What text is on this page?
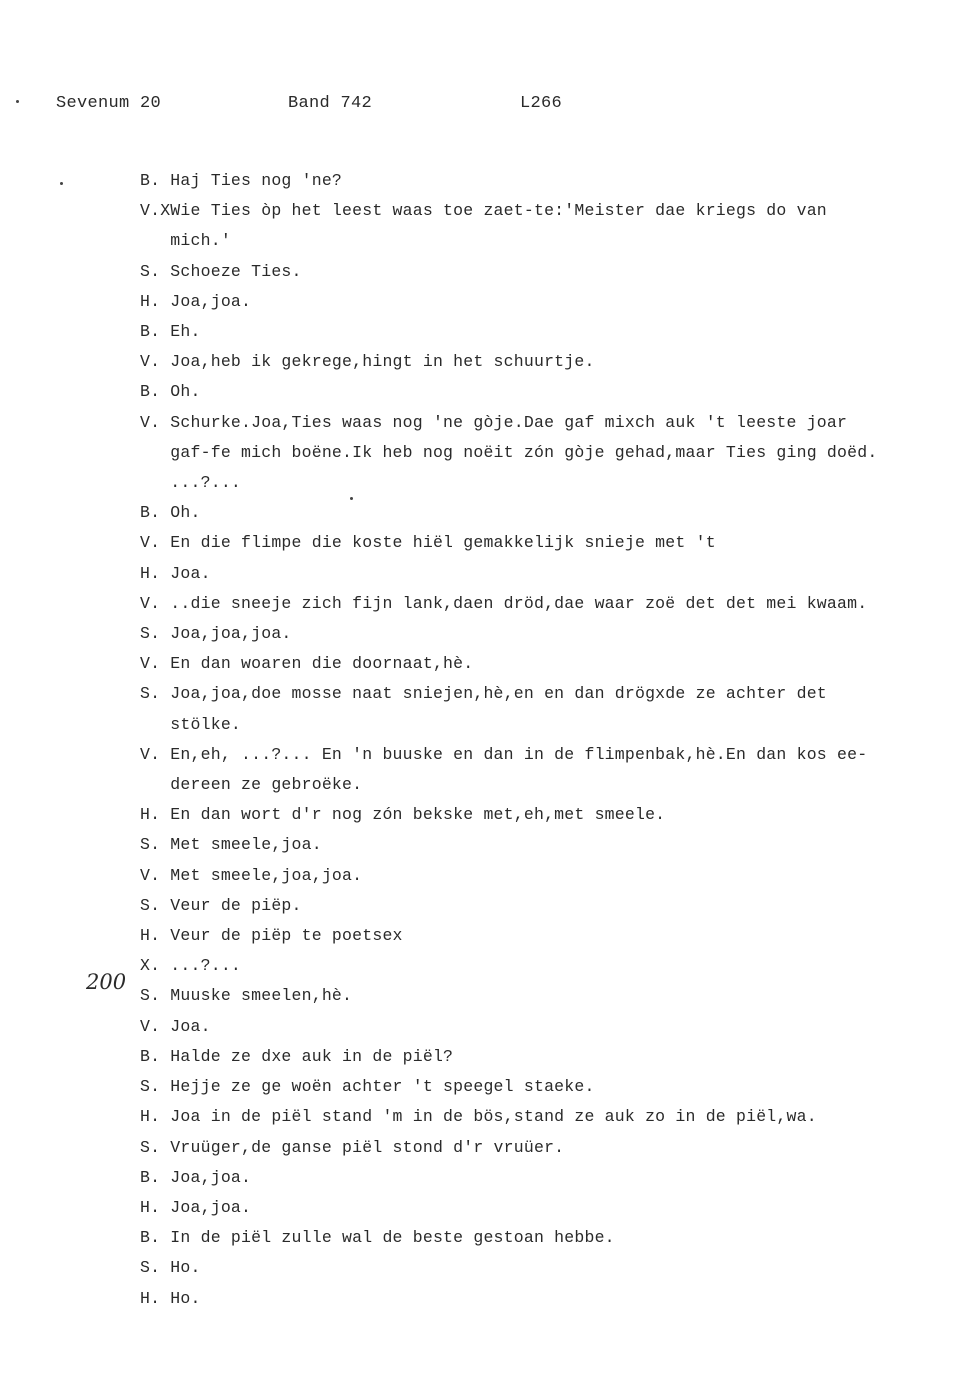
Sevenum 20	Band 742	L266
200
B. Haj Ties nog 'ne?
V.XWie Ties òp het leest waas toe zaet-te:'Meister dae kriegs do van
mich.'
S. Schoeze Ties.
H. Joa,joa.
B. Eh.
V. Joa,heb ik gekrege,hingt in het schuurtje.
B. Oh.
V. Schurke.Joa,Ties waas nog 'ne gòje.Dae gaf mixch auk 't leeste joar
gaf-fe mich boëne.Ik heb nog noëit zón gòje gehad,maar Ties ging doëd.
...?...
B. Oh.
V. En die flimpe die koste hiël gemakkelijk snieje met 't
H. Joa.
V. ..die sneeje zich fijn lank,daen dröd,dae waar zoë det det mei kwaam.
S. Joa,joa,joa.
V. En dan woaren die doornaat,hè.
S. Joa,joa,doe mosse naat sniejen,hè,en en dan drögxde ze achter det
stölke.
V. En,eh, ...?... En 'n buuske en dan in de flimpenbak,hè.En dan kos ee-
dereen ze gebroëke.
H. En dan wort d'r nog zón bekske met,eh,met smeele.
S. Met smeele,joa.
V. Met smeele,joa,joa.
S. Veur de piëp.
H. Veur de piëp te poetsex
X. ...?...
S. Muuske smeelen,hè.
V. Joa.
B. Halde ze dxe auk in de piël?
S. Hejje ze ge woën achter 't speegel staeke.
H. Joa in de piël stand 'm in de bös,stand ze auk zo in de piël,wa.
S. Vruüger,de ganse piël stond d'r vruüer.
B. Joa,joa.
H. Joa,joa.
B. In de piël zulle wal de beste gestoan hebbe.
S. Ho.
H. Ho.
